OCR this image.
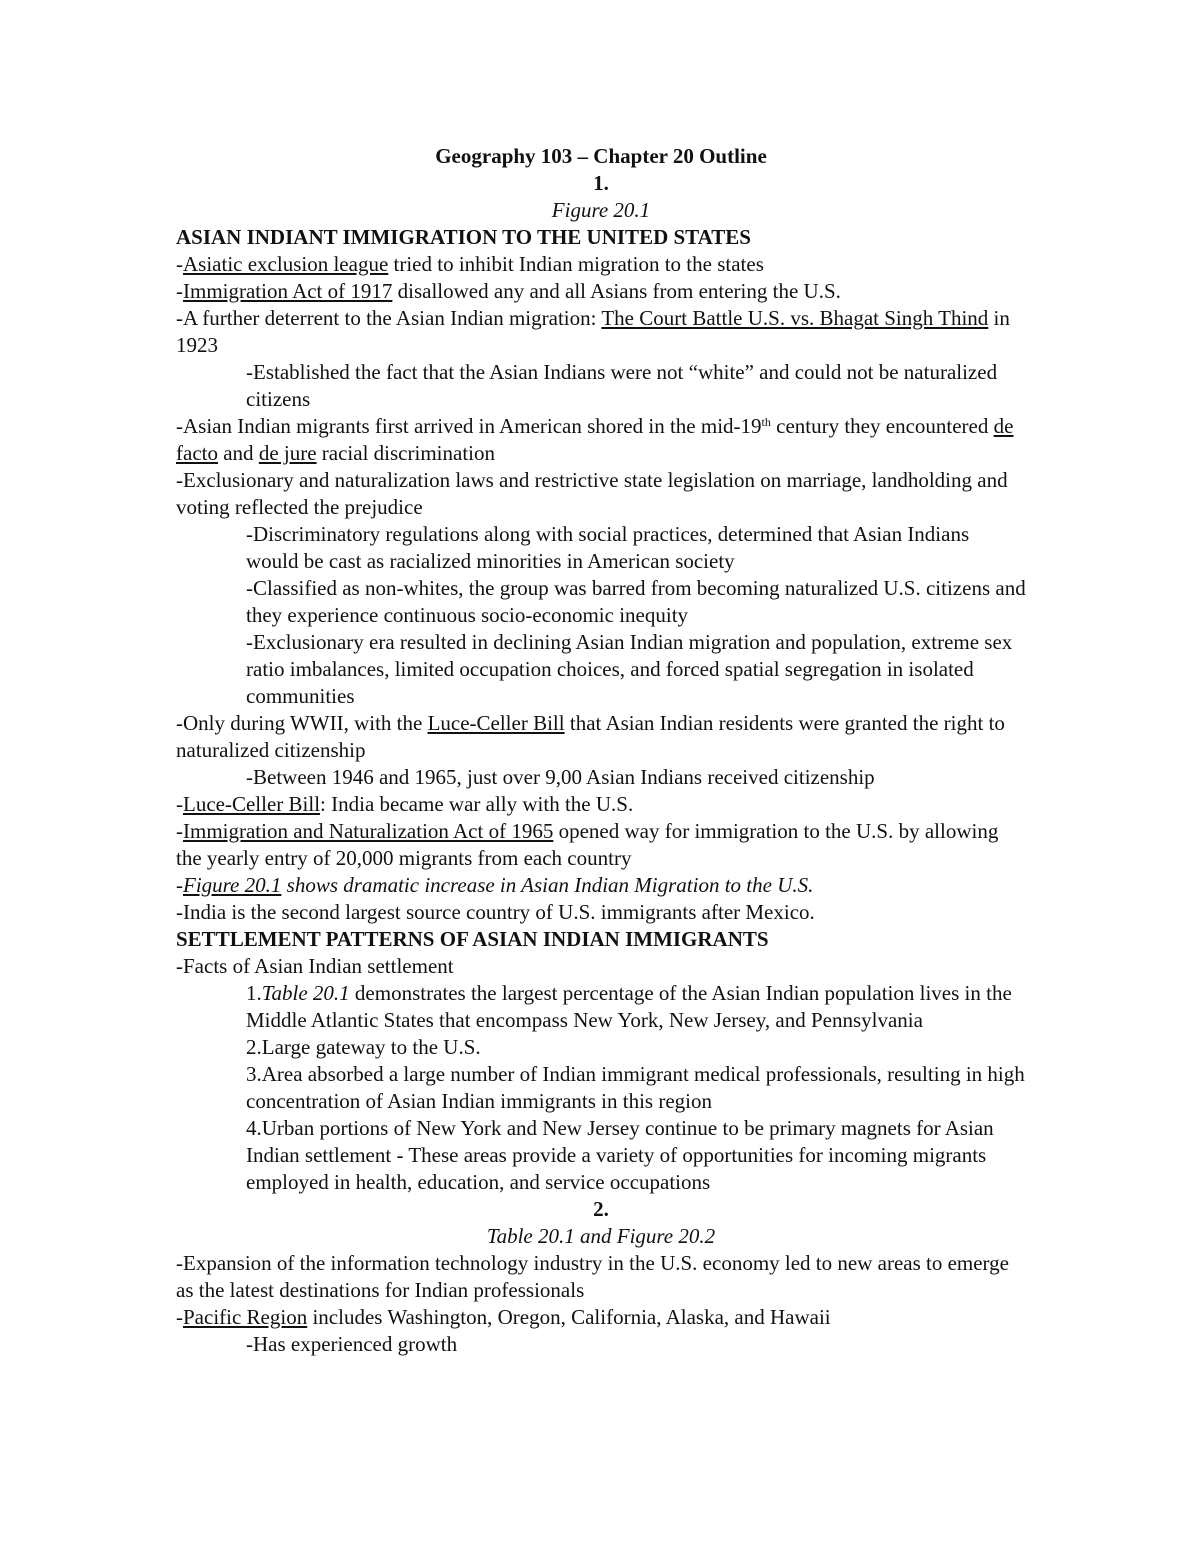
Geography 103 – Chapter 20 Outline

1.

Figure 20.1

ASIAN INDIANT IMMIGRATION TO THE UNITED STATES

-Asiatic exclusion league tried to inhibit Indian migration to the states

-Immigration Act of 1917 disallowed any and all Asians from entering the U.S.

-A further deterrent to the Asian Indian migration: The Court Battle U.S. vs. Bhagat Singh Thind in 1923

-Established the fact that the Asian Indians were not “white” and could not be naturalized citizens

-Asian Indian migrants first arrived in American shored in the mid-19th century they encountered de facto and de jure racial discrimination

-Exclusionary and naturalization laws and restrictive state legislation on marriage, landholding and voting reflected the prejudice

-Discriminatory regulations along with social practices, determined that Asian Indians would be cast as racialized minorities in American society

-Classified as non-whites, the group was barred from becoming naturalized U.S. citizens and they experience continuous socio-economic inequity

-Exclusionary era resulted in declining Asian Indian migration and population, extreme sex ratio imbalances, limited occupation choices, and forced spatial segregation in isolated communities

-Only during WWII, with the Luce-Celler Bill that Asian Indian residents were granted the right to naturalized citizenship

-Between 1946 and 1965, just over 9,00 Asian Indians received citizenship

-Luce-Celler Bill: India became war ally with the U.S.

-Immigration and Naturalization Act of 1965 opened way for immigration to the U.S. by allowing the yearly entry of 20,000 migrants from each country

-Figure 20.1 shows dramatic increase in Asian Indian Migration to the U.S.

-India is the second largest source country of U.S. immigrants after Mexico.

SETTLEMENT PATTERNS OF ASIAN INDIAN IMMIGRANTS

-Facts of Asian Indian settlement

1.Table 20.1 demonstrates the largest percentage of the Asian Indian population lives in the Middle Atlantic States that encompass New York, New Jersey, and Pennsylvania

2.Large gateway to the U.S.

3.Area absorbed a large number of Indian immigrant medical professionals, resulting in high concentration of Asian Indian immigrants in this region

4.Urban portions of New York and New Jersey continue to be primary magnets for Asian Indian settlement - These areas provide a variety of opportunities for incoming migrants employed in health, education, and service occupations

2.

Table 20.1 and Figure 20.2

-Expansion of the information technology industry in the U.S. economy led to new areas to emerge as the latest destinations for Indian professionals

-Pacific Region includes Washington, Oregon, California, Alaska, and Hawaii

-Has experienced growth
